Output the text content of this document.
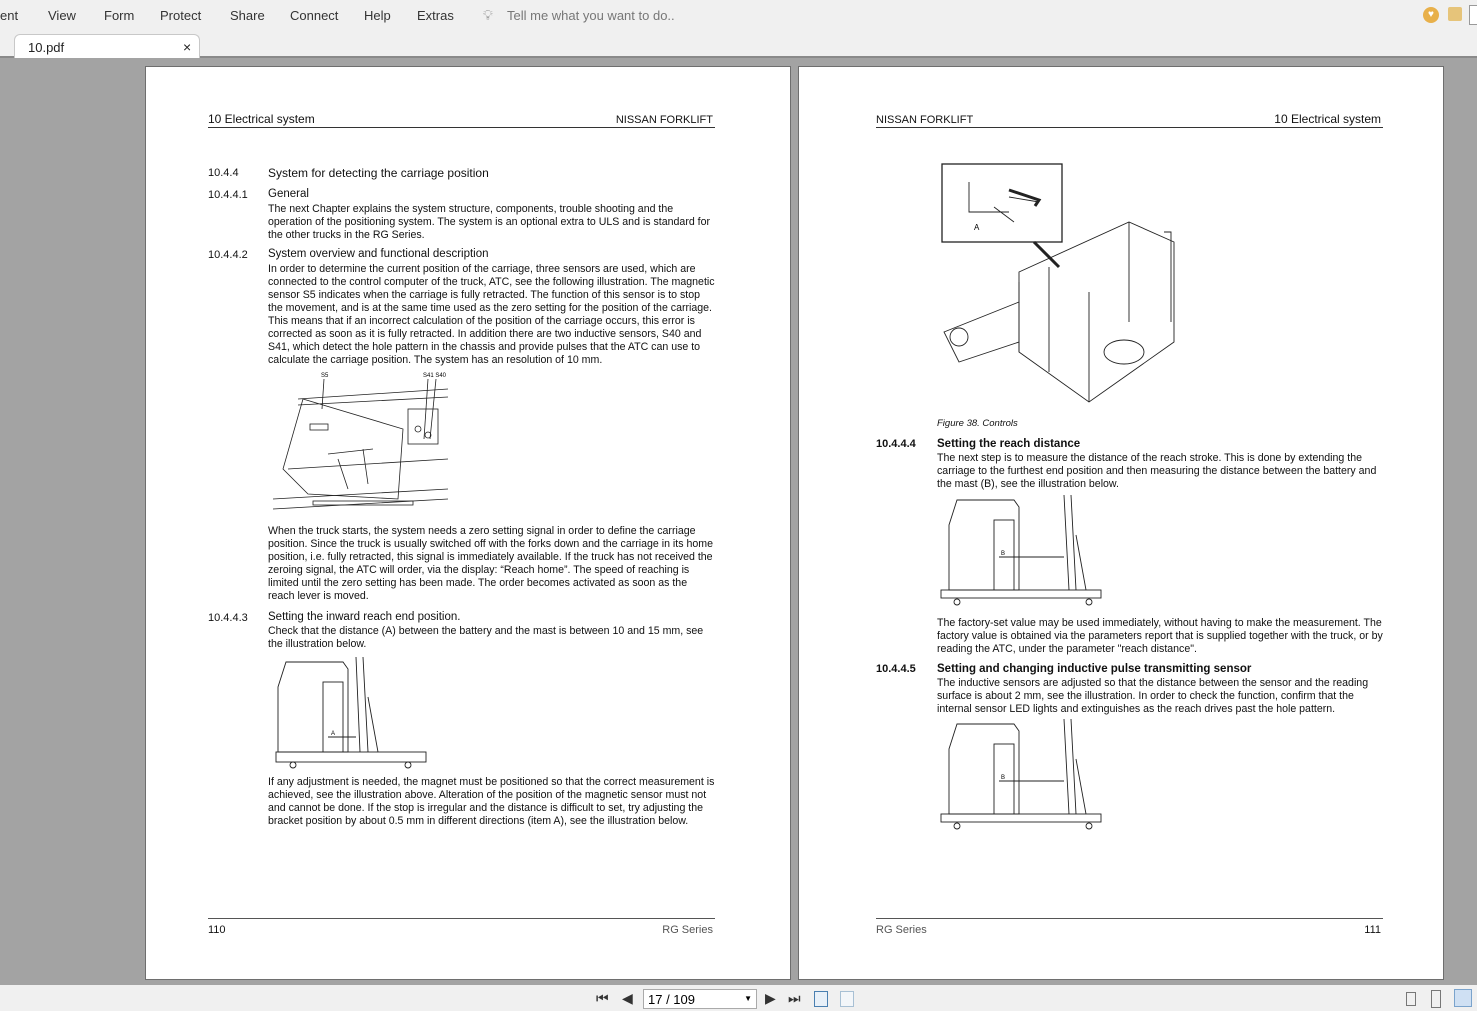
ent View Form Protect Share Connect Help Extras 💡︎ Tell me what you want to do..	♥
10.pdf	×
10 Electrical system	NISSAN FORKLIFT
10.4.4 System for detecting the carriage position
10.4.4.1 General
The next Chapter explains the system structure, components, trouble shooting and the operation of the positioning system. The system is an optional extra to ULS and is standard for the other trucks in the RG Series.
10.4.4.2 System overview and functional description
In order to determine the current position of the carriage, three sensors are used, which are connected to the control computer of the truck, ATC, see the following illustration. The magnetic sensor S5 indicates when the carriage is fully retracted. The function of this sensor is to stop the movement, and is at the same time used as the zero setting for the position of the carriage. This means that if an incorrect calculation of the position of the carriage occurs, this error is corrected as soon as it is fully retracted. In addition there are two inductive sensors, S40 and S41, which detect the hole pattern in the chassis and provide pulses that the ATC can use to calculate the carriage position. The system has an resolution of 10 mm.
S5	S41 S40
When the truck starts, the system needs a zero setting signal in order to define the carriage position. Since the truck is usually switched off with the forks down and the carriage in its home position, i.e. fully retracted, this signal is immediately available. If the truck has not received the zeroing signal, the ATC will order, via the display: “Reach home”. The speed of reaching is limited until the zero setting has been made. The order becomes activated as soon as the reach lever is moved.
10.4.4.3 Setting the inward reach end position.
Check that the distance (A) between the battery and the mast is between 10 and 15 mm, see the illustration below.
A
If any adjustment is needed, the magnet must be positioned so that the correct measurement is achieved, see the illustration above. Alteration of the position of the magnetic sensor must not and cannot be done. If the stop is irregular and the distance is difficult to set, try adjusting the bracket position by about 0.5 mm in different directions (item A), see the illustration below.
110	RG Series
NISSAN FORKLIFT	10 Electrical system
A
Figure 38. Controls
10.4.4.4 Setting the reach distance
The next step is to measure the distance of the reach stroke. This is done by extending the carriage to the furthest end position and then measuring the distance between the battery and the mast (B), see the illustration below.
B
The factory-set value may be used immediately, without having to make the measurement. The factory value is obtained via the parameters report that is supplied together with the truck, or by reading the ATC, under the parameter "reach distance".
10.4.4.5 Setting and changing inductive pulse transmitting sensor
The inductive sensors are adjusted so that the distance between the sensor and the reading surface is about 2 mm, see the illustration. In order to check the function, confirm that the internal sensor LED lights and extinguishes as the reach drives past the hole pattern.
B
RG Series	111
⏮︎ ◀	17 / 109	▼ ▶ ⏭︎
